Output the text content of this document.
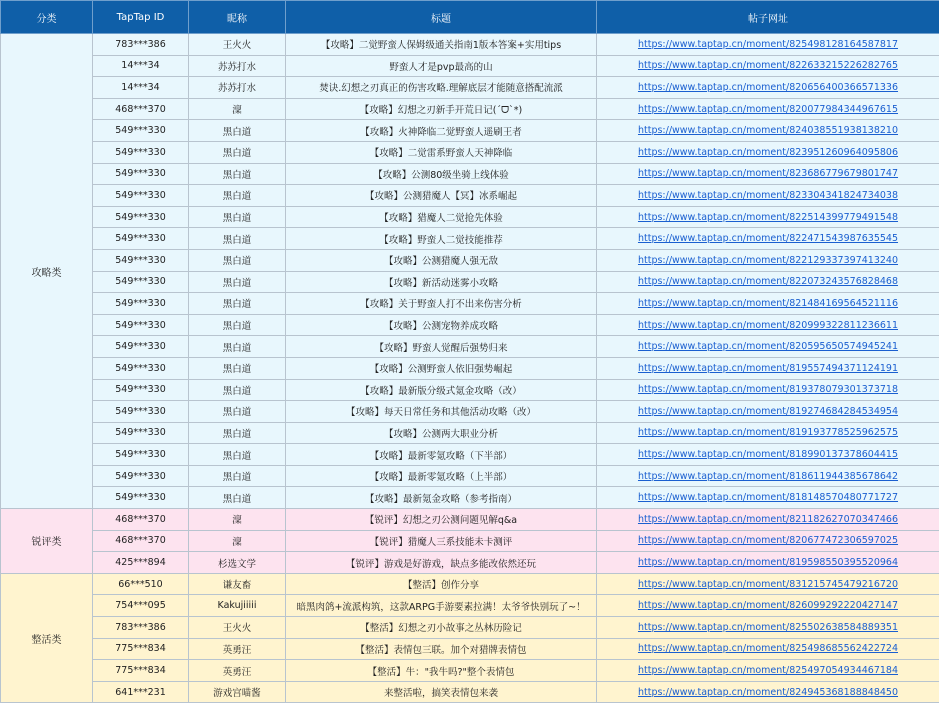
分类	TapTap ID	昵称	标题	帖子网址
攻略类	783***386	王火火	【攻略】二觉野蛮人保姆级通关指南1版本答案+实用tips	https://www.taptap.cn/moment/825498128164587817
	14***34	苏苏打水	野蛮人才是pvp最高的山	https://www.taptap.cn/moment/822633215226282765
	14***34	苏苏打水	焚诀.幻想之刃真正的伤害攻略.理解底层才能随意搭配流派	https://www.taptap.cn/moment/820656400366571336
	468***370	澟	【攻略】幻想之刃新手开荒日记(ˊᗜˋ*)	https://www.taptap.cn/moment/820077984344967615
	549***330	黑白道	【攻略】火神降临二觉野蛮人遥刷王者	https://www.taptap.cn/moment/824038551938138210
	549***330	黑白道	【攻略】二觉雷系野蛮人天神降临	https://www.taptap.cn/moment/823951260964095806
	549***330	黑白道	【攻略】公测80级坐骑上线体验	https://www.taptap.cn/moment/823686779679801747
	549***330	黑白道	【攻略】公测猎魔人【冥】冰系崛起	https://www.taptap.cn/moment/823304341824734038
	549***330	黑白道	【攻略】猎魔人二觉抢先体验	https://www.taptap.cn/moment/822514399779491548
	549***330	黑白道	【攻略】野蛮人二觉技能推荐	https://www.taptap.cn/moment/822471543987635545
	549***330	黑白道	【攻略】公测猎魔人强无敌	https://www.taptap.cn/moment/822129337397413240
	549***330	黑白道	【攻略】新活动迷雾小攻略	https://www.taptap.cn/moment/822073243576828468
	549***330	黑白道	【攻略】关于野蛮人打不出来伤害分析	https://www.taptap.cn/moment/821484169564521116
	549***330	黑白道	【攻略】公测宠物养成攻略	https://www.taptap.cn/moment/820999322811236611
	549***330	黑白道	【攻略】野蛮人觉醒后强势归来	https://www.taptap.cn/moment/820595650574945241
	549***330	黑白道	【攻略】公测野蛮人依旧强势崛起	https://www.taptap.cn/moment/819557494371124191
	549***330	黑白道	【攻略】最新版分级式氪金攻略（改）	https://www.taptap.cn/moment/819378079301373718
	549***330	黑白道	【攻略】每天日常任务和其他活动攻略（改）	https://www.taptap.cn/moment/819274684284534954
	549***330	黑白道	【攻略】公测两大职业分析	https://www.taptap.cn/moment/819193778525962575
	549***330	黑白道	【攻略】最新零氪攻略（下半部）	https://www.taptap.cn/moment/818990137378604415
	549***330	黑白道	【攻略】最新零氪攻略（上半部）	https://www.taptap.cn/moment/818611944385678642
	549***330	黑白道	【攻略】最新氪金攻略（参考指南）	https://www.taptap.cn/moment/818148570480771727
锐评类	468***370	澟	【锐评】幻想之刃公测问题见解q&a	https://www.taptap.cn/moment/821182627070347466
	468***370	澟	【锐评】猎魔人三系技能未卡测评	https://www.taptap.cn/moment/820677472306597025
	425***894	杉选文学	【锐评】游戏是好游戏，缺点多能改依然还玩	https://www.taptap.cn/moment/819598550395520964
整活类	66***510	谦友畜	【整活】创作分享	https://www.taptap.cn/moment/831215745479216720
	754***095	Kakujiiiii	暗黑肉鸽+流派构筑，这款ARPG手游要素拉满！太爷爷快别玩了~！	https://www.taptap.cn/moment/826099292220427147
	783***386	王火火	【整活】幻想之刃小故事之丛林历险记	https://www.taptap.cn/moment/825502638584889351
	775***834	英勇汪	【整活】表情包三联。加个对猎牌表情包	https://www.taptap.cn/moment/825498685562422724
	775***834	英勇汪	【整活】牛："我牛吗?"整个表情包	https://www.taptap.cn/moment/825497054934467184
	641***231	游戏宫喵酱	来整活啦，搞笑表情包来袭	https://www.taptap.cn/moment/824945368188848450
